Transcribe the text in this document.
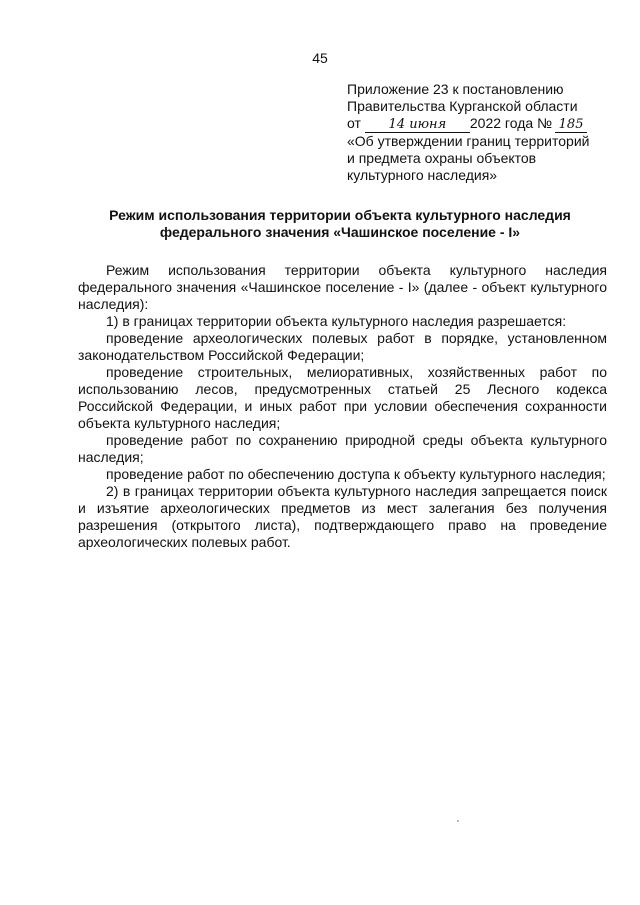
45
Приложение 23 к постановлению
Правительства Курганской области
от 14 июня 2022 года № 185
«Об утверждении границ территорий
и предмета охраны объектов
культурного наследия»
Режим использования территории объекта культурного наследия
федерального значения «Чашинское поселение - I»

Режим использования территории объекта культурного наследия федерального значения «Чашинское поселение - I» (далее - объект культурного наследия):

1) в границах территории объекта культурного наследия разрешается:

проведение археологических полевых работ в порядке, установленном законодательством Российской Федерации;

проведение строительных, мелиоративных, хозяйственных работ по использованию лесов, предусмотренных статьей 25 Лесного кодекса Российской Федерации, и иных работ при условии обеспечения сохранности объекта культурного наследия;

проведение работ по сохранению природной среды объекта культурного наследия;

проведение работ по обеспечению доступа к объекту культурного наследия;

2) в границах территории объекта культурного наследия запрещается поиск и изъятие археологических предметов из мест залегания без получения разрешения (открытого листа), подтверждающего право на проведение археологических полевых работ.
